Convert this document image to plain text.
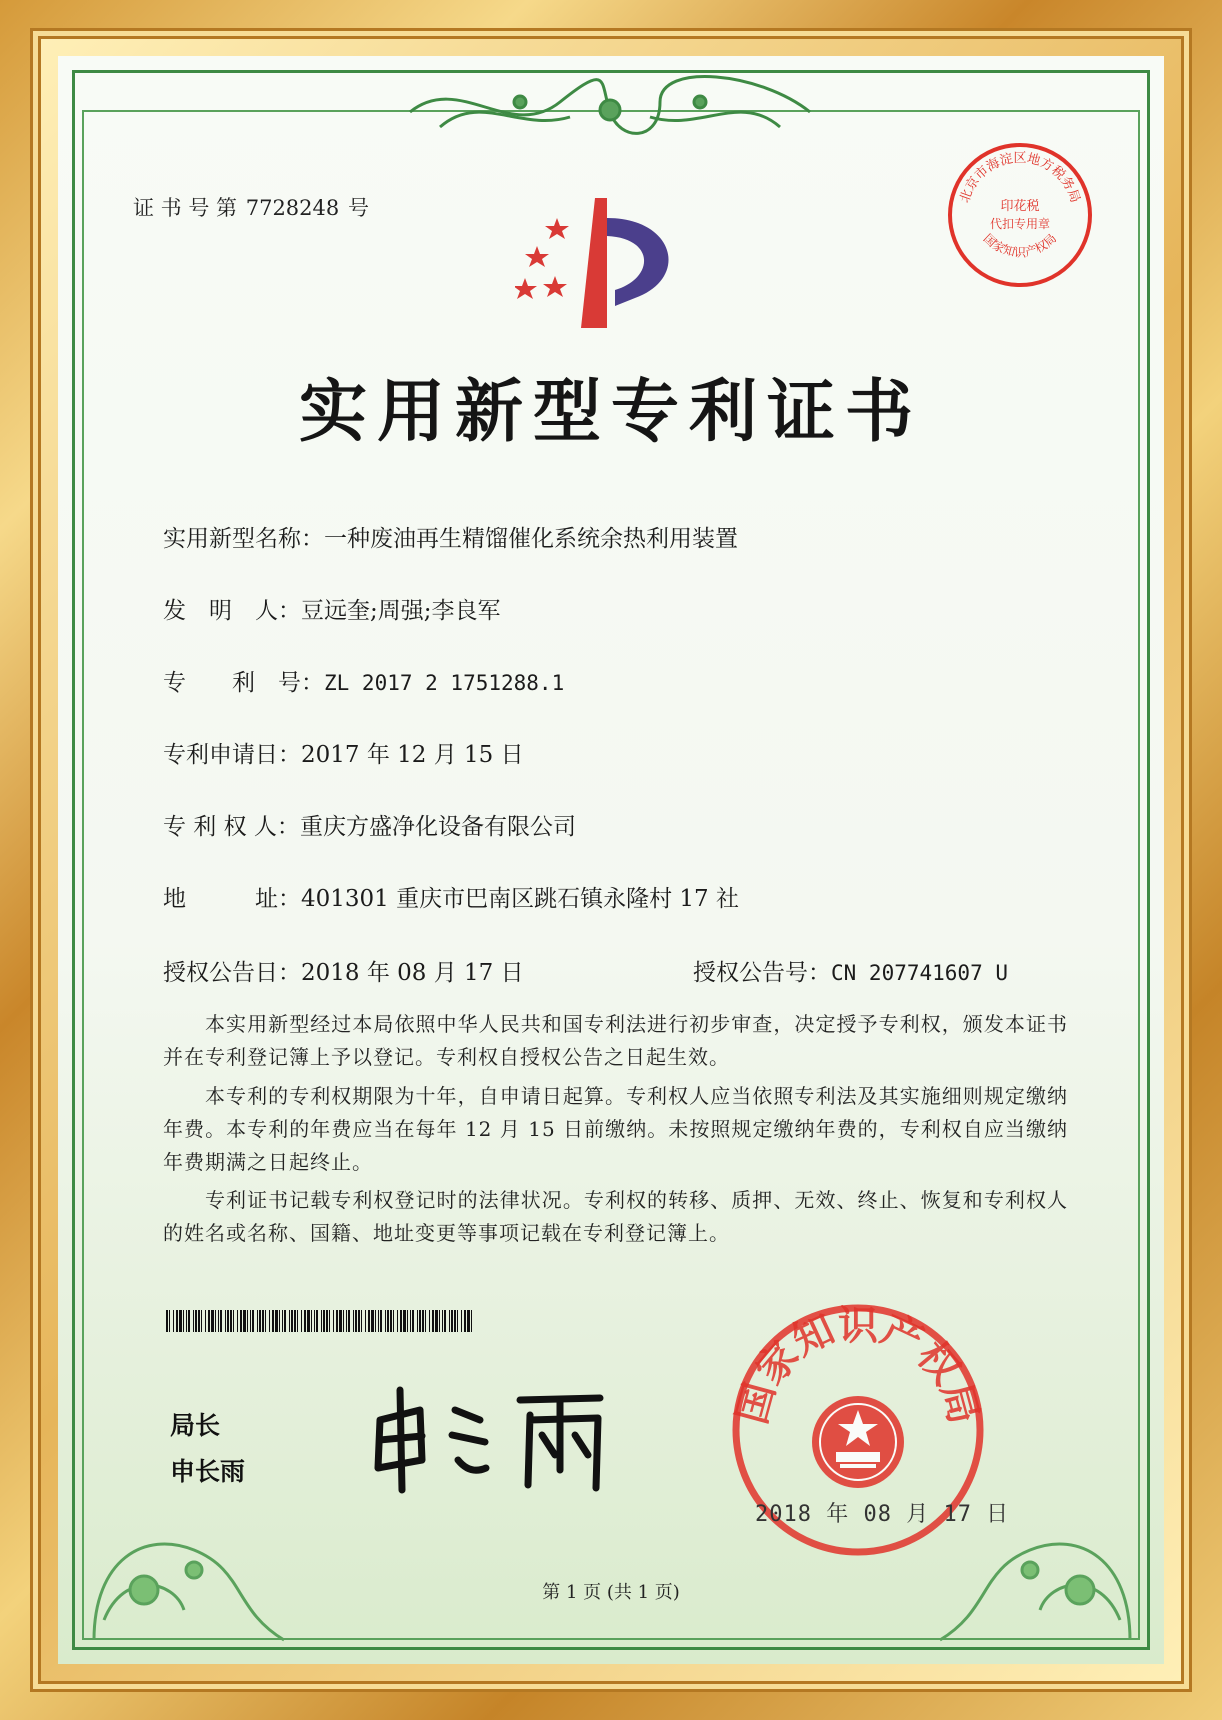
证 书 号 第 7728248 号	北京市海淀区地方税务局
印花税
代扣专用章
国家知识产权局
实用新型专利证书
实用新型名称：一种废油再生精馏催化系统余热利用装置
发　明　人：豆远奎;周强;李良军
专　　利　号：ZL 2017 2 1751288.1
专利申请日：2017 年 12 月 15 日
专 利 权 人：重庆方盛净化设备有限公司
地　　　址：401301 重庆市巴南区跳石镇永隆村 17 社
授权公告日：2018 年 08 月 17 日	授权公告号：CN 207741607 U
本实用新型经过本局依照中华人民共和国专利法进行初步审查，决定授予专利权，颁发本证书并在专利登记簿上予以登记。专利权自授权公告之日起生效。
本专利的专利权期限为十年，自申请日起算。专利权人应当依照专利法及其实施细则规定缴纳年费。本专利的年费应当在每年 12 月 15 日前缴纳。未按照规定缴纳年费的，专利权自应当缴纳年费期满之日起终止。
专利证书记载专利权登记时的法律状况。专利权的转移、质押、无效、终止、恢复和专利权人的姓名或名称、国籍、地址变更等事项记载在专利登记簿上。
局长
申长雨
国家知识产权局
2018 年 08 月 17 日
第 1 页 (共 1 页)
